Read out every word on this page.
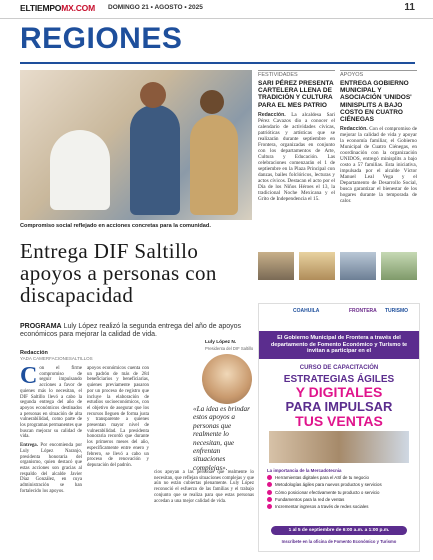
ELTIEMPOMX.COM DOMINGO 21 • AGOSTO • 2025	11
REGIONES
Compromiso social reflejado en acciones concretas para la comunidad.
FESTIVIDADES
SARI PÉREZ PRESENTA CARTELERA LLENA DE TRADICIÓN Y CULTURA PARA EL MES PATRIO
Redacción. La alcaldesa Sari Pérez Cavazos dio a conocer el calendario de actividades cívicas, patrióticas y artísticas que se realizarán durante septiembre en Frontera, organizadas en conjunto con los departamentos de Arte, Cultura y Educación. Las celebraciones comenzarán el 1 de septiembre en la Plaza Principal con danzas, bailes folclóricos, lecturas y actos cívicos. Destacan el acto por el Día de los Niños Héroes el 13, la tradicional Noche Mexicana y el Grito de Independencia el 15.
APOYOS
ENTREGA GOBIERNO MUNICIPAL Y ASOCIACIÓN 'UNIDOS' MINISPLITS A BAJO COSTO EN CUATRO CIÉNEGAS
Redacción. Con el compromiso de mejorar la calidad de vida y apoyar la economía familiar, el Gobierno Municipal de Cuatro Ciénegas, en coordinación con la organización UNIDOS, entregó minisplits a bajo costo a 57 familias. Esta iniciativa, impulsada por el alcalde Víctor Manuel Leal Vega y el Departamento de Desarrollo Social, busca garantizar el bienestar de los hogares durante la temporada de calor.
Entrega DIF Saltillo apoyos a personas con discapacidad
PROGRAMA Luly López realizó la segunda entrega del año de apoyos económicos para mejorar la calidad de vida.
Redacción
YADA CAMERFACIONESALTILLOS
Con el firme compromiso de seguir impulsando acciones a favor de quienes más lo necesitan, el DIF Saltillo llevó a cabo la segunda entrega del año de apoyos económicos destinados a personas en situación de alta vulnerabilidad, como parte de los programas permanentes que buscan mejorar su calidad de vida.
Entrega. Por encomienda por Luly López Naranjo, presidenta honoraria del organismo, quien destacó que estas acciones son gracias al respaldo del alcalde Javier Díaz González, en cuya administración se han fortalecido los apoyos.
apoyos económicos cuenta con un padrón de más de 284 beneficiarios y beneficiarias, quienes previamente pasaron por un proceso de registro que incluye la elaboración de estudios socioeconómicos, con el objetivo de asegurar que los recursos lleguen de forma justa y transparente a quienes presentan mayor nivel de vulnerabilidad. La presidenta honoraria recordó que durante los primeros meses del año, específicamente entre enero y febrero, se llevó a cabo un proceso de renovación y depuración del padrón.
Luly López N.
Presidenta del DIF Saltillo
«La idea es brindar estos apoyos a personas que realmente lo necesitan, que enfrentan situaciones complejas».
cios apoyan a las personas que realmente lo necesitan, que reflejan situaciones complejas y que aún no están cubiertas plenamente. Luly López reconoció el esfuerzo de las familias y el trabajo conjunto que se realiza para que estas personas accedan a una mejor calidad de vida.
COAHUILA	FRONTERA TURISMO
El Gobierno Municipal de Frontera a través del departamento de Fomento Económico y Turismo te invitan a participar en el
CURSO DE CAPACITACIÓN
ESTRATEGIAS ÁGILES
Y DIGITALES
PARA IMPULSAR
TUS VENTAS
La importancia de la Mercadotecnia
Herramientas digitales para el ASÍ de tu negocio
Metodologías ágiles para nuevos productos y servicios
Cómo posicionar efectivamente tu producto o servicio
Fundamentos para la red de ventas
Incrementar ingresos a través de redes sociales
1 al 5 de septiembre de 6:00 a.m. a 1:00 p.m.
Inscríbete en la oficina de Fomento Económico y Turismo
